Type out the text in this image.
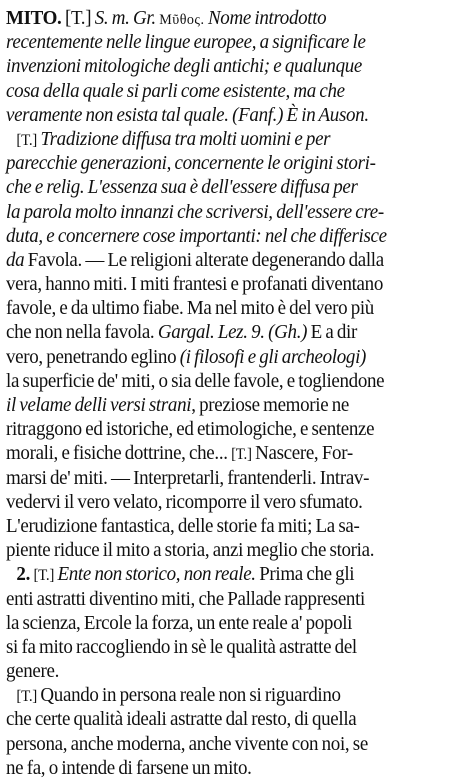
MITO. [T.] S. m. Gr. Mῦθος. Nome introdotto
recentemente nelle lingue europee, a significare le
invenzioni mitologiche degli antichi; e qualunque
cosa della quale si parli come esistente, ma che
veramente non esista tal quale. (Fanf.) È in Auson.
[T.] Tradizione diffusa tra molti uomini e per
parecchie generazioni, concernente le origini stori-
che e relig. L'essenza sua è dell'essere diffusa per
la parola molto innanzi che scriversi, dell'essere cre-
duta, e concernere cose importanti: nel che differisce
da Favola. — Le religioni alterate degenerando dalla
vera, hanno miti. I miti frantesi e profanati diventano
favole, e da ultimo fiabe. Ma nel mito è del vero più
che non nella favola. Gargal. Lez. 9. (Gh.) E a dir
vero, penetrando eglino (i filosofi e gli archeologi)
la superficie de' miti, o sia delle favole, e togliendone
il velame delli versi strani, preziose memorie ne
ritraggono ed istoriche, ed etimologiche, e sentenze
morali, e fisiche dottrine, che... [T.] Nascere, For-
marsi de' miti. — Interpretarli, frantenderli. Intrav-
vedervi il vero velato, ricomporre il vero sfumato.
L'erudizione fantastica, delle storie fa miti; La sa-
piente riduce il mito a storia, anzi meglio che storia.
2. [T.] Ente non storico, non reale. Prima che gli
enti astratti diventino miti, che Pallade rappresenti
la scienza, Ercole la forza, un ente reale a' popoli
si fa mito raccogliendo in sè le qualità astratte del
genere.
[T.] Quando in persona reale non si riguardino
che certe qualità ideali astratte dal resto, di quella
persona, anche moderna, anche vivente con noi, se
ne fa, o intende di farsene un mito.
